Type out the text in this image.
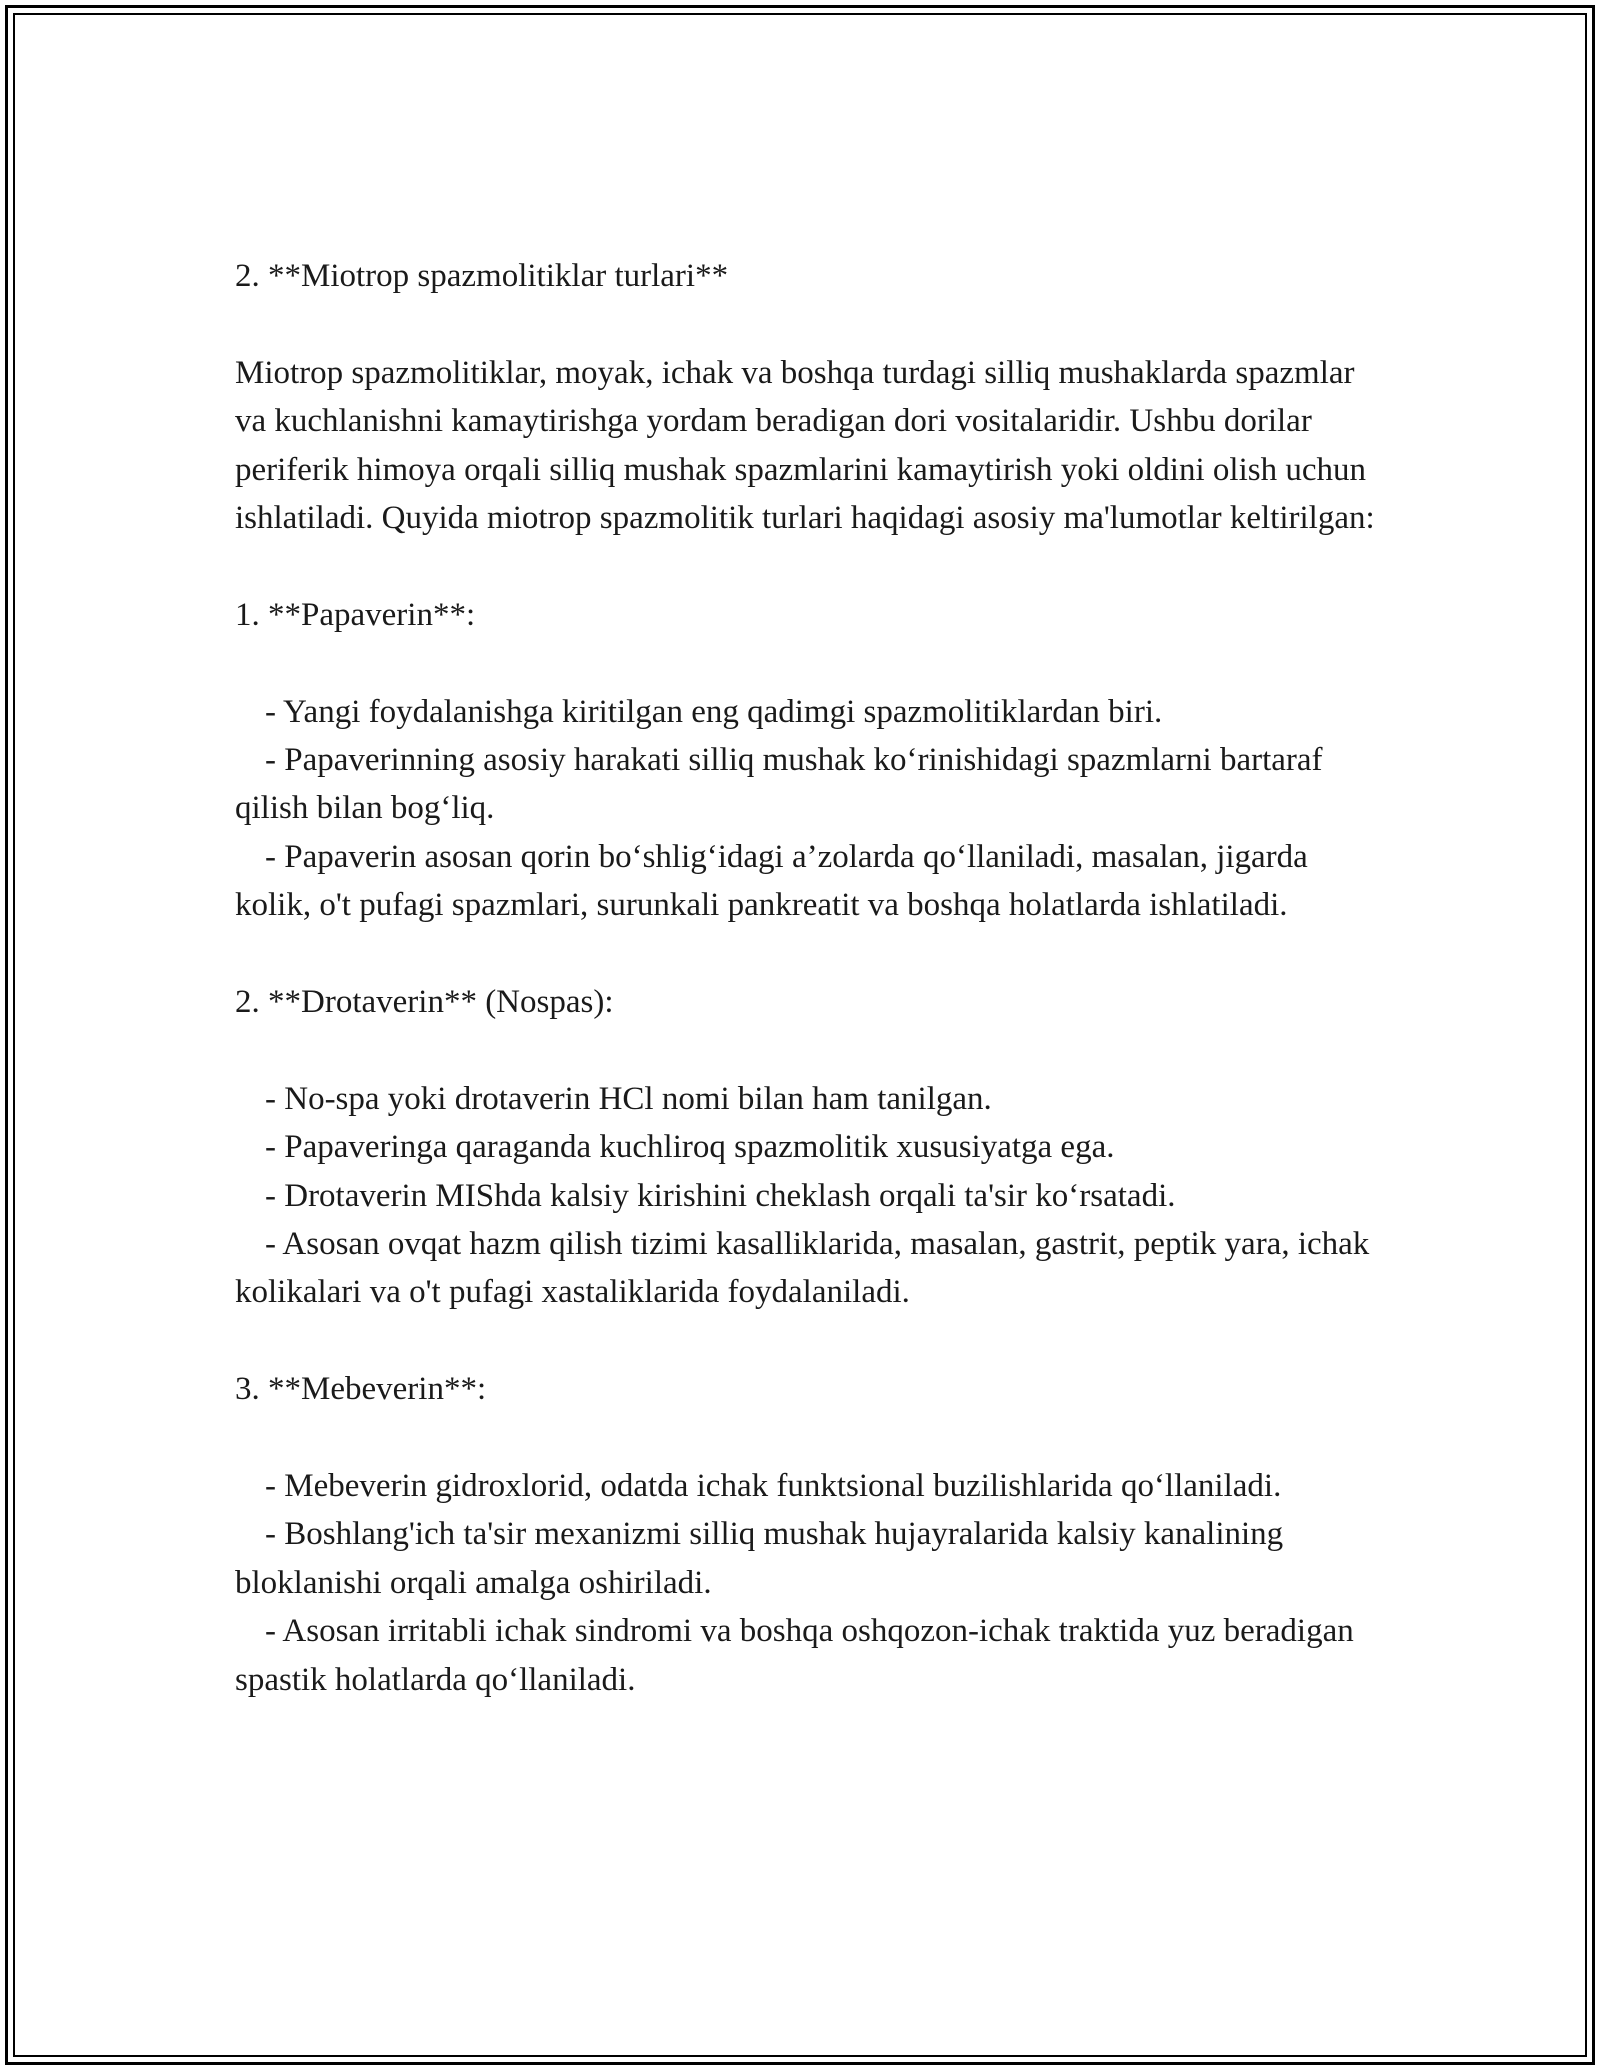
2. **Miotrop spazmolitiklar turlari**

Miotrop spazmolitiklar, moyak, ichak va boshqa turdagi silliq mushaklarda spazmlar va kuchlanishni kamaytirishga yordam beradigan dori vositalaridir. Ushbu dorilar periferik himoya orqali silliq mushak spazmlarini kamaytirish yoki oldini olish uchun ishlatiladi. Quyida miotrop spazmolitik turlari haqidagi asosiy ma'lumotlar keltirilgan:

1. **Papaverin**:

- Yangi foydalanishga kiritilgan eng qadimgi spazmolitiklardan biri.

- Papaverinning asosiy harakati silliq mushak ko‘rinishidagi spazmlarni bartaraf qilish bilan bog‘liq.

- Papaverin asosan qorin bo‘shlig‘idagi a’zolarda qo‘llaniladi, masalan, jigarda kolik, o't pufagi spazmlari, surunkali pankreatit va boshqa holatlarda ishlatiladi.

2. **Drotaverin** (Nospas):

- No-spa yoki drotaverin HCl nomi bilan ham tanilgan.

- Papaveringa qaraganda kuchliroq spazmolitik xususiyatga ega.

- Drotaverin MIShda kalsiy kirishini cheklash orqali ta'sir ko‘rsatadi.

- Asosan ovqat hazm qilish tizimi kasalliklarida, masalan, gastrit, peptik yara, ichak kolikalari va o't pufagi xastaliklarida foydalaniladi.

3. **Mebeverin**:

- Mebeverin gidroxlorid, odatda ichak funktsional buzilishlarida qo‘llaniladi.

- Boshlang'ich ta'sir mexanizmi silliq mushak hujayralarida kalsiy kanalining bloklanishi orqali amalga oshiriladi.

- Asosan irritabli ichak sindromi va boshqa oshqozon-ichak traktida yuz beradigan spastik holatlarda qo‘llaniladi.
